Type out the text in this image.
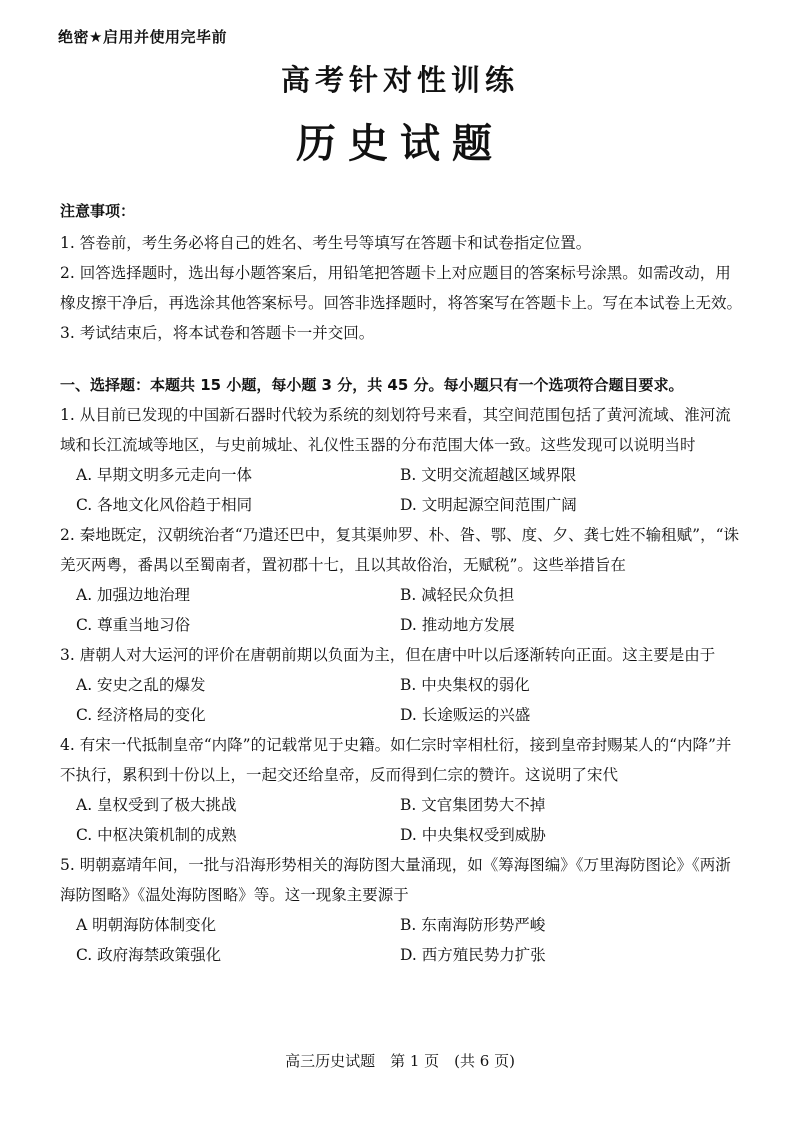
绝密★启用并使用完毕前
高考针对性训练
历史试题
注意事项：

1. 答卷前，考生务必将自己的姓名、考生号等填写在答题卡和试卷指定位置。

2. 回答选择题时，选出每小题答案后，用铅笔把答题卡上对应题目的答案标号涂黑。如需改动，用橡皮擦干净后，再选涂其他答案标号。回答非选择题时，将答案写在答题卡上。写在本试卷上无效。

3. 考试结束后，将本试卷和答题卡一并交回。

一、选择题：本题共 15 小题，每小题 3 分，共 45 分。每小题只有一个选项符合题目要求。

1. 从目前已发现的中国新石器时代较为系统的刻划符号来看，其空间范围包括了黄河流域、淮河流域和长江流域等地区，与史前城址、礼仪性玉器的分布范围大体一致。这些发现可以说明当时

A. 早期文明多元走向一体	B. 文明交流超越区域界限
C. 各地文化风俗趋于相同	D. 文明起源空间范围广阔

2. 秦地既定，汉朝统治者“乃遣还巴中，复其渠帅罗、朴、昝、鄂、度、夕、龚七姓不输租赋”，“诛羌灭两粤，番禺以至蜀南者，置初郡十七，且以其故俗治，无赋税”。这些举措旨在

A. 加强边地治理	B. 减轻民众负担
C. 尊重当地习俗	D. 推动地方发展

3. 唐朝人对大运河的评价在唐朝前期以负面为主，但在唐中叶以后逐渐转向正面。这主要是由于

A. 安史之乱的爆发	B. 中央集权的弱化
C. 经济格局的变化	D. 长途贩运的兴盛

4. 有宋一代抵制皇帝“内降”的记载常见于史籍。如仁宗时宰相杜衍，接到皇帝封赐某人的“内降”并不执行，累积到十份以上，一起交还给皇帝，反而得到仁宗的赞许。这说明了宋代

A. 皇权受到了极大挑战	B. 文官集团势大不掉
C. 中枢决策机制的成熟	D. 中央集权受到威胁

5. 明朝嘉靖年间，一批与沿海形势相关的海防图大量涌现，如《筹海图编》《万里海防图论》《两浙海防图略》《温处海防图略》等。这一现象主要源于

A 明朝海防体制变化	B. 东南海防形势严峻
C. 政府海禁政策强化	D. 西方殖民势力扩张
高三历史试题　第 1 页　(共 6 页)
